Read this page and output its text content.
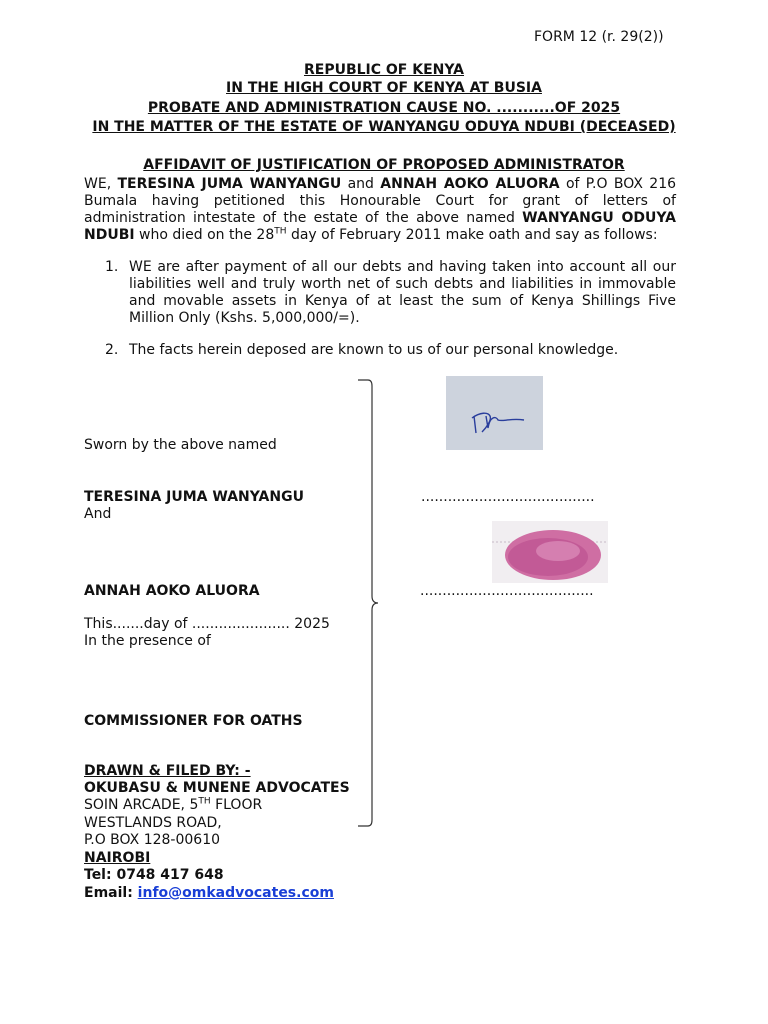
FORM 12 (r. 29(2))
REPUBLIC OF KENYA
IN THE HIGH COURT OF KENYA AT BUSIA
PROBATE AND ADMINISTRATION CAUSE NO. ...........OF 2025
IN THE MATTER OF THE ESTATE OF WANYANGU ODUYA NDUBI (DECEASED)
AFFIDAVIT OF JUSTIFICATION OF PROPOSED ADMINISTRATOR
WE, TERESINA JUMA WANYANGU and ANNAH AOKO ALUORA of P.O BOX 216 Bumala having petitioned this Honourable Court for grant of letters of administration intestate of the estate of the above named WANYANGU ODUYA NDUBI who died on the 28TH day of February 2011 make oath and say as follows:
1. WE are after payment of all our debts and having taken into account all our liabilities well and truly worth net of such debts and liabilities in immovable and movable assets in Kenya of at least the sum of Kenya Shillings Five Million Only (Kshs. 5,000,000/=).
2. The facts herein deposed are known to us of our personal knowledge.
Sworn by the above named
TERESINA JUMA WANYANGU	.......................................
And
ANNAH AOKO ALUORA	.......................................
This.......day of ...................... 2025
In the presence of
COMMISSIONER FOR OATHS
DRAWN & FILED BY: -
OKUBASU & MUNENE ADVOCATES
SOIN ARCADE, 5TH FLOOR
WESTLANDS ROAD,
P.O BOX 128-00610
NAIROBI
Tel: 0748 417 648
Email: info@omkadvocates.com
